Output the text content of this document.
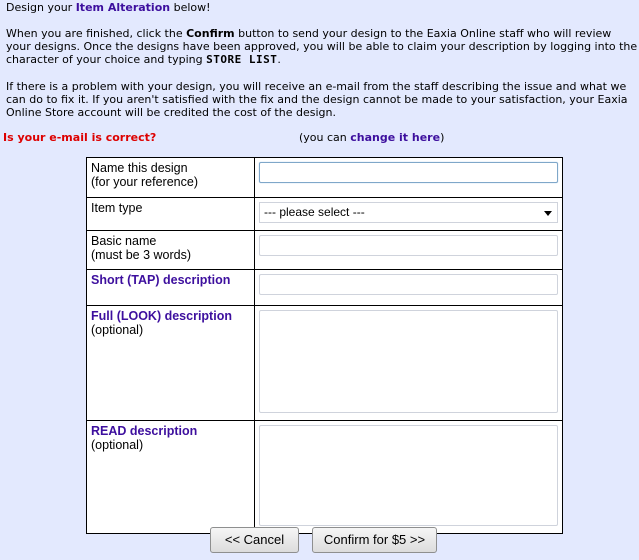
Design your Item Alteration below!

When you are finished, click the Confirm button to send your design to the Eaxia Online staff who will review your designs. Once the designs have been approved, you will be able to claim your description by logging into the character of your choice and typing STORE LIST.

If there is a problem with your design, you will receive an e-mail from the staff describing the issue and what we can do to fix it. If you aren't satisfied with the fix and the design cannot be made to your satisfaction, your Eaxia Online Store account will be credited the cost of the design.

Is your e-mail is correct?	(you can change it here)
Name this design
(for your reference)

Item type	--- please select ---

Basic name
(must be 3 words)

Short (TAP) description

Full (LOOK) description
(optional)

READ description
(optional)

<< Cancel	Confirm for $5 >>
